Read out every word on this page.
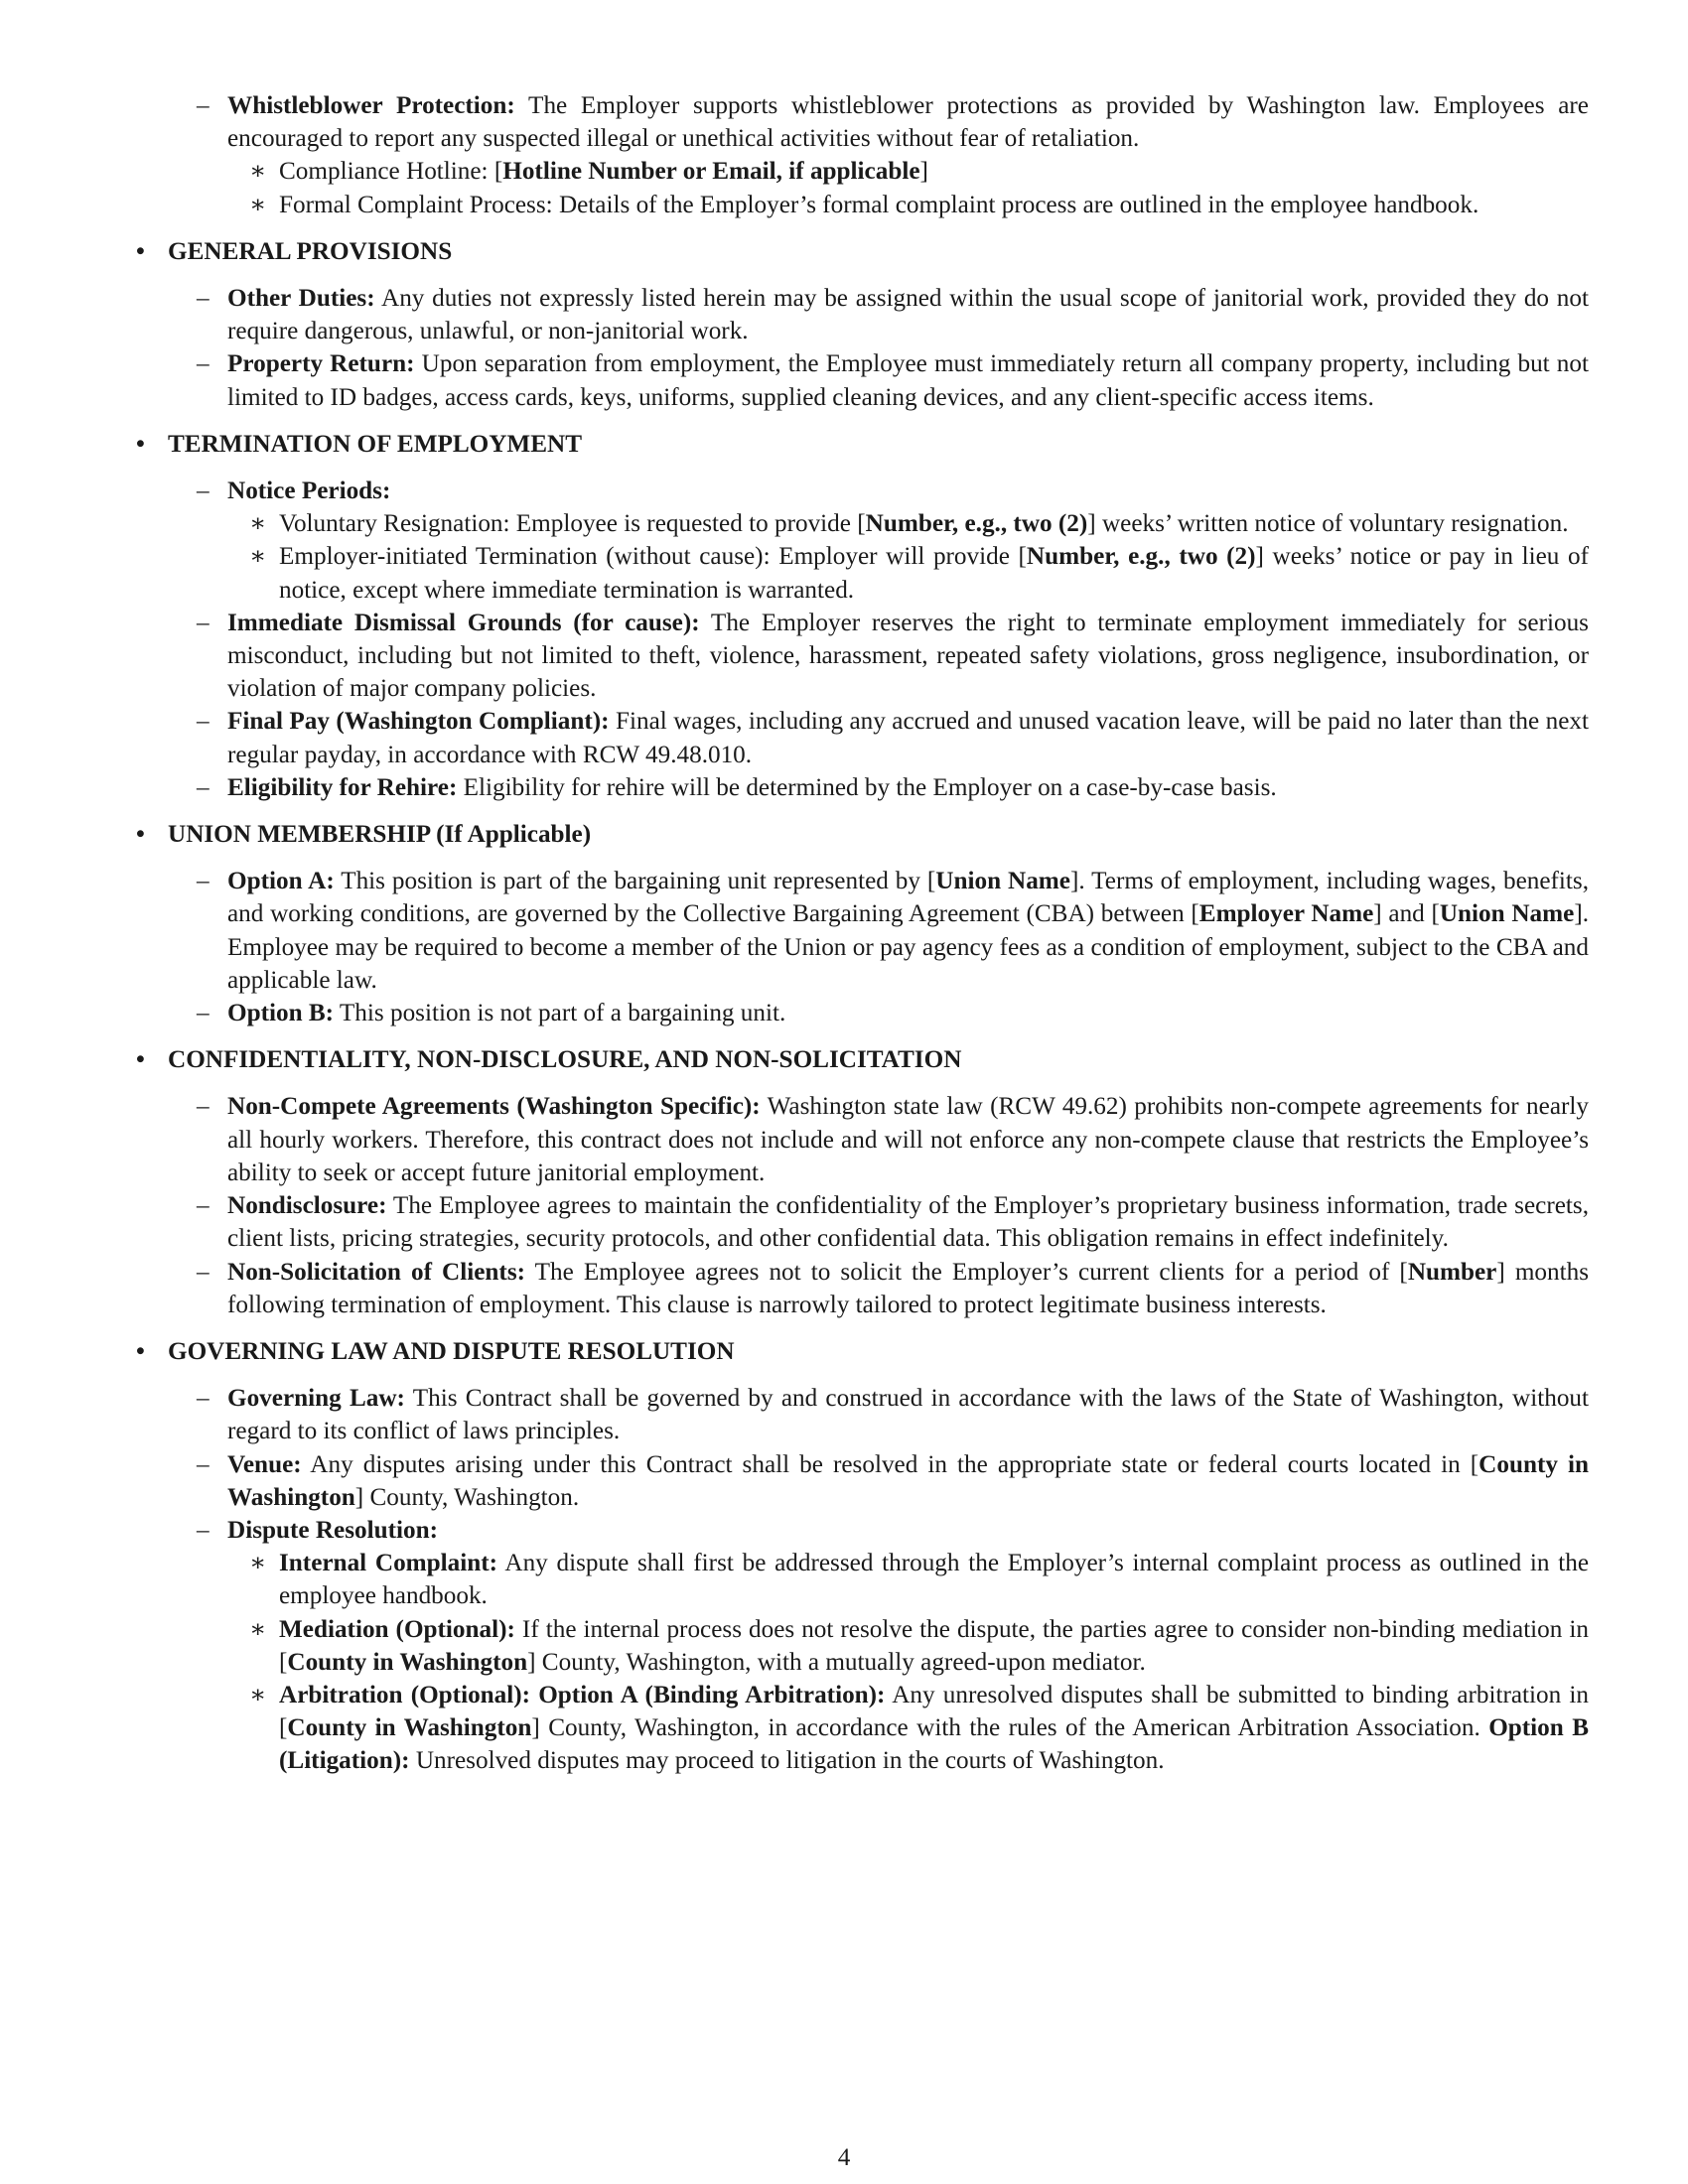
– Whistleblower Protection: The Employer supports whistleblower protections as provided by Washington law. Employees are encouraged to report any suspected illegal or unethical activities without fear of retaliation.
∗ Compliance Hotline: [Hotline Number or Email, if applicable]
∗ Formal Complaint Process: Details of the Employer’s formal complaint process are outlined in the employee handbook.
• GENERAL PROVISIONS
– Other Duties: Any duties not expressly listed herein may be assigned within the usual scope of janitorial work, provided they do not require dangerous, unlawful, or non-janitorial work.
– Property Return: Upon separation from employment, the Employee must immediately return all company property, including but not limited to ID badges, access cards, keys, uniforms, supplied cleaning devices, and any client-specific access items.
• TERMINATION OF EMPLOYMENT
– Notice Periods:
∗ Voluntary Resignation: Employee is requested to provide [Number, e.g., two (2)] weeks’ written notice of voluntary resignation.
∗ Employer-initiated Termination (without cause): Employer will provide [Number, e.g., two (2)] weeks’ notice or pay in lieu of notice, except where immediate termination is warranted.
– Immediate Dismissal Grounds (for cause): The Employer reserves the right to terminate employment immediately for serious misconduct, including but not limited to theft, violence, harassment, repeated safety violations, gross negligence, insubordination, or violation of major company policies.
– Final Pay (Washington Compliant): Final wages, including any accrued and unused vacation leave, will be paid no later than the next regular payday, in accordance with RCW 49.48.010.
– Eligibility for Rehire: Eligibility for rehire will be determined by the Employer on a case-by-case basis.
• UNION MEMBERSHIP (If Applicable)
– Option A: This position is part of the bargaining unit represented by [Union Name]. Terms of employment, including wages, benefits, and working conditions, are governed by the Collective Bargaining Agreement (CBA) between [Employer Name] and [Union Name]. Employee may be required to become a member of the Union or pay agency fees as a condition of employment, subject to the CBA and applicable law.
– Option B: This position is not part of a bargaining unit.
• CONFIDENTIALITY, NON-DISCLOSURE, AND NON-SOLICITATION
– Non-Compete Agreements (Washington Specific): Washington state law (RCW 49.62) prohibits non-compete agreements for nearly all hourly workers. Therefore, this contract does not include and will not enforce any non-compete clause that restricts the Employee’s ability to seek or accept future janitorial employment.
– Nondisclosure: The Employee agrees to maintain the confidentiality of the Employer’s proprietary business information, trade secrets, client lists, pricing strategies, security protocols, and other confidential data. This obligation remains in effect indefinitely.
– Non-Solicitation of Clients: The Employee agrees not to solicit the Employer’s current clients for a period of [Number] months following termination of employment. This clause is narrowly tailored to protect legitimate business interests.
• GOVERNING LAW AND DISPUTE RESOLUTION
– Governing Law: This Contract shall be governed by and construed in accordance with the laws of the State of Washington, without regard to its conflict of laws principles.
– Venue: Any disputes arising under this Contract shall be resolved in the appropriate state or federal courts located in [County in Washington] County, Washington.
– Dispute Resolution:
∗ Internal Complaint: Any dispute shall first be addressed through the Employer’s internal complaint process as outlined in the employee handbook.
∗ Mediation (Optional): If the internal process does not resolve the dispute, the parties agree to consider non-binding mediation in [County in Washington] County, Washington, with a mutually agreed-upon mediator.
∗ Arbitration (Optional): Option A (Binding Arbitration): Any unresolved disputes shall be submitted to binding arbitration in [County in Washington] County, Washington, in accordance with the rules of the American Arbitration Association. Option B (Litigation): Unresolved disputes may proceed to litigation in the courts of Washington.
4
